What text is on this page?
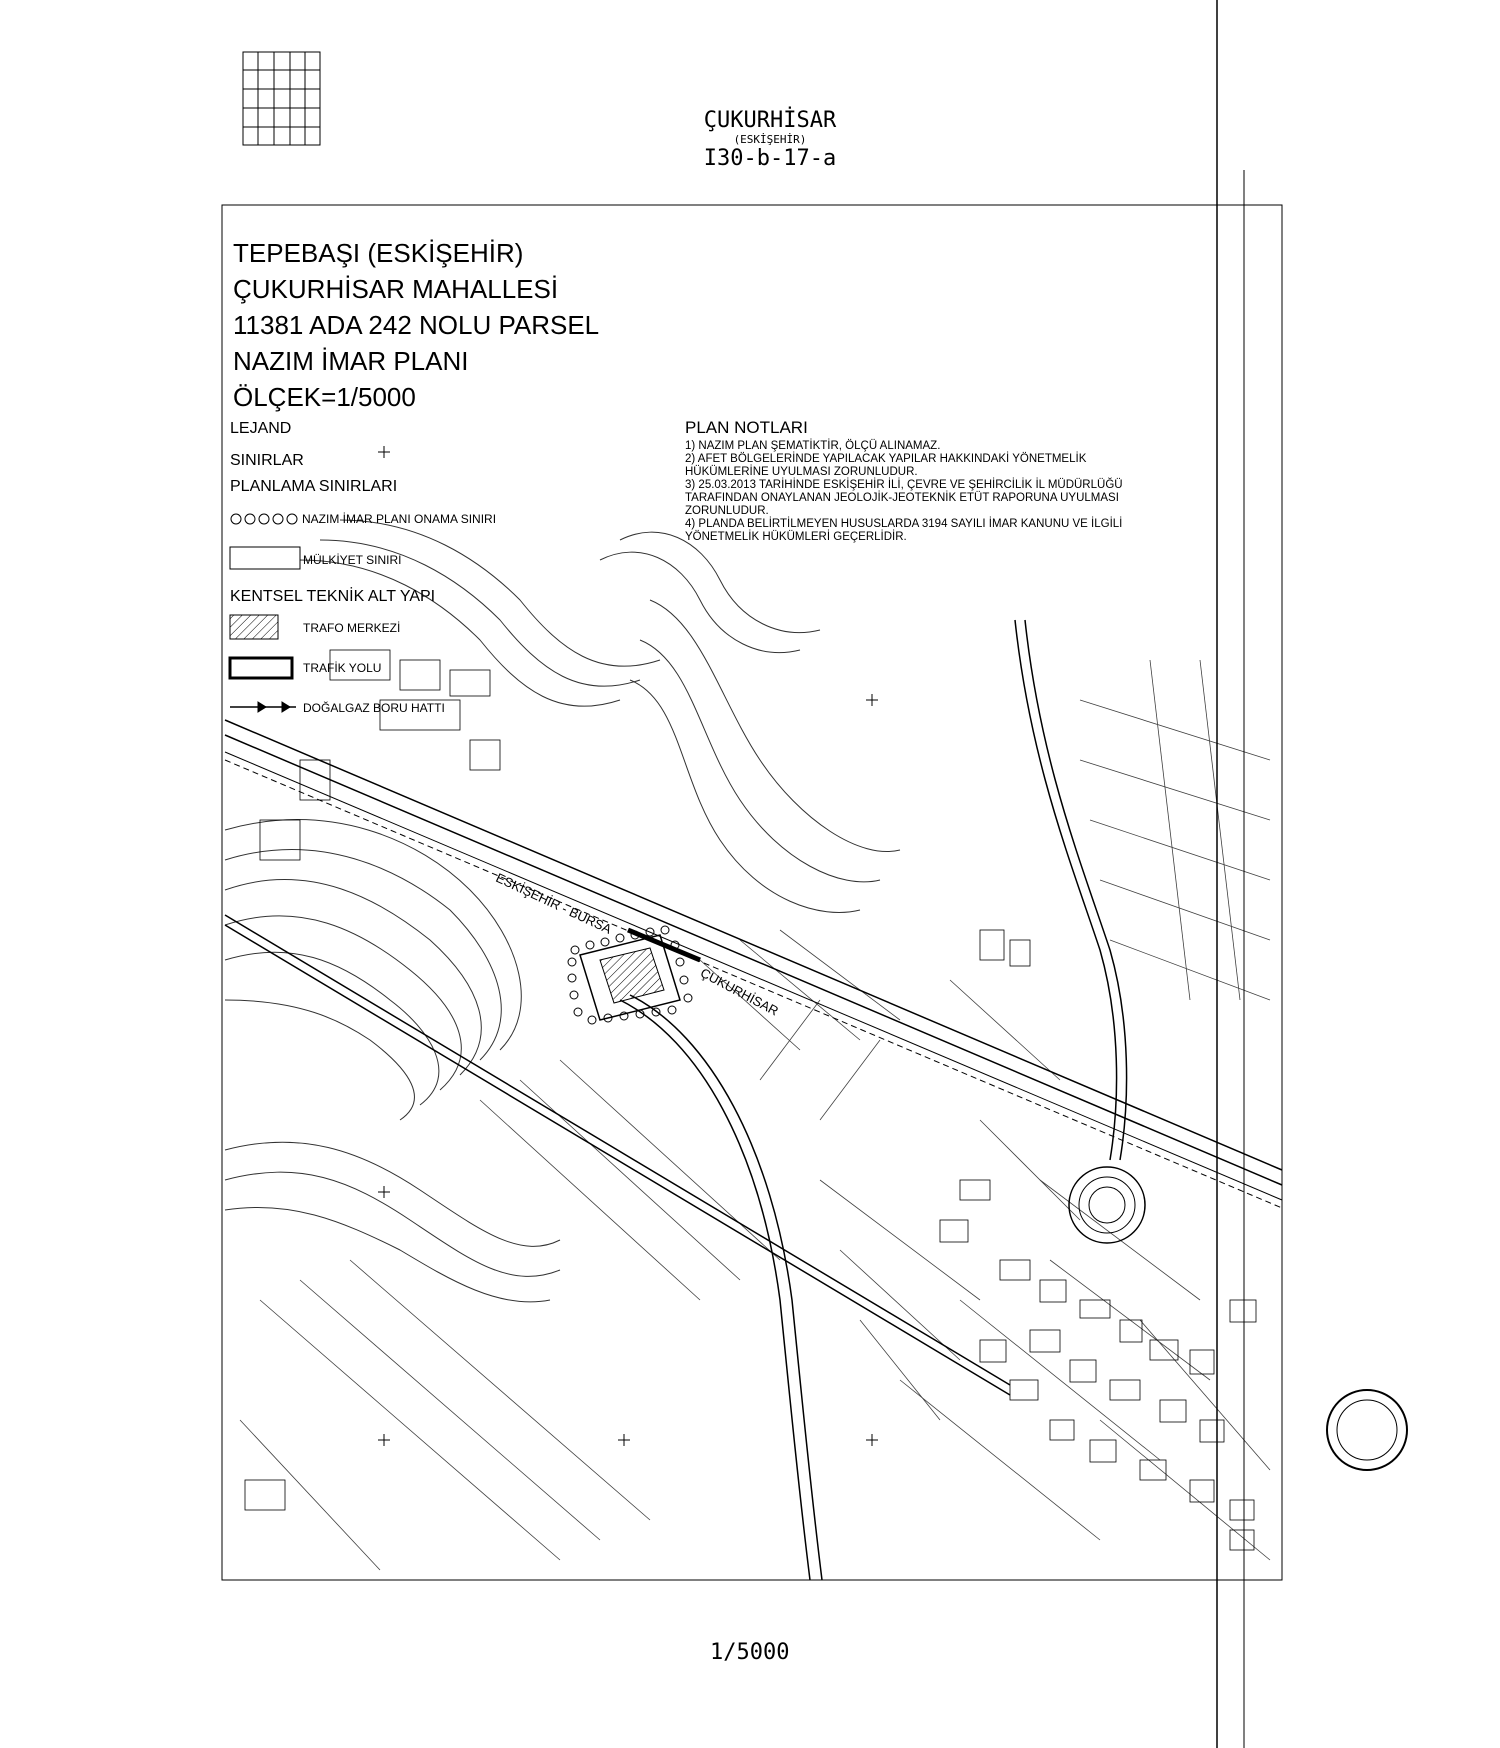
ÇUKURHİSAR
(ESKİŞEHİR)
I30-b-17-a
TEPEBAŞI (ESKİŞEHİR)
ÇUKURHİSAR MAHALLESİ
11381 ADA 242 NOLU PARSEL
NAZIM İMAR PLANI
ÖLÇEK=1/5000
LEJAND
SINIRLAR
PLANLAMA SINIRLARI
NAZIM İMAR PLANI ONAMA SINIRI
MÜLKİYET SINIRI
KENTSEL TEKNİK ALT YAPI
TRAFO MERKEZİ
TRAFİK YOLU
DOĞALGAZ BORU HATTI
PLAN NOTLARI
1) NAZIM PLAN ŞEMATİKTİR, ÖLÇÜ ALINAMAZ.
2) AFET BÖLGELERİNDE YAPILACAK YAPILAR HAKKINDAKİ YÖNETMELİK
HÜKÜMLERİNE UYULMASI ZORUNLUDUR.
3) 25.03.2013 TARİHİNDE ESKİŞEHİR İLİ, ÇEVRE VE ŞEHİRCİLİK İL MÜDÜRLÜĞÜ
TARAFINDAN ONAYLANAN JEOLOJİK-JEOTEKNİK ETÜT RAPORUNA UYULMASI
ZORUNLUDUR.
4) PLANDA BELİRTİLMEYEN HUSUSLARDA 3194 SAYILI İMAR KANUNU VE İLGİLİ
YÖNETMELİK HÜKÜMLERİ GEÇERLİDİR.
ESKİŞEHİR - BURSA
ÇUKURHİSAR
1/5000
